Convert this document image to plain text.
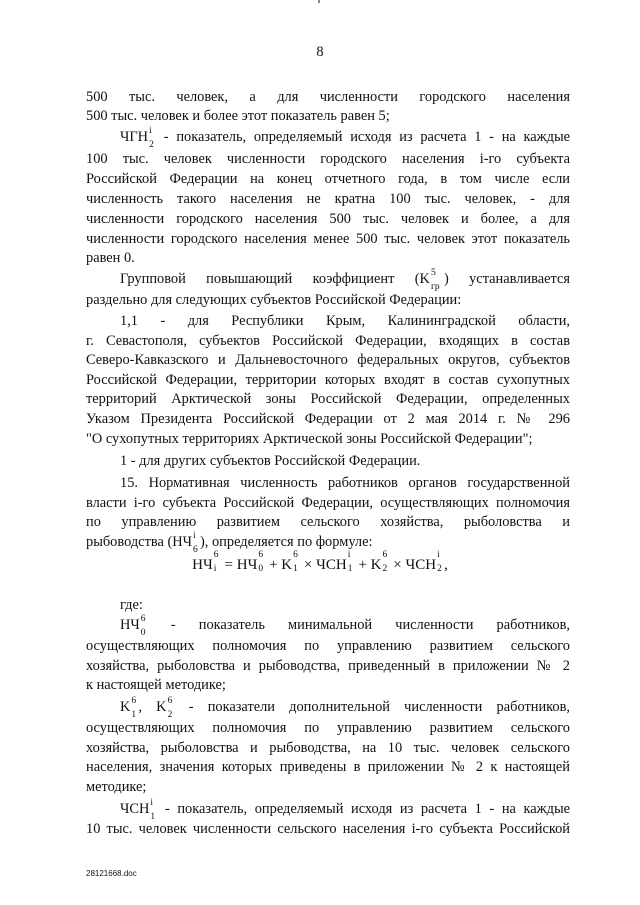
8
500 тыс. человек, а для численности городского населения
500 тыс. человек и более этот показатель равен 5;
ЧГН i
2 - показатель, определяемый исходя из расчета 1 - на каждые
100 тыс. человек численности городского населения i-го субъекта
Российской Федерации на конец отчетного года, в том числе если
численность такого населения не кратна 100 тыс. человек, - для
численности городского населения 500 тыс. человек и более, а для
численности городского населения менее 500 тыс. человек этот показатель
равен 0.
Групповой повышающий коэффициент (K 5
гр ) устанавливается
раздельно для следующих субъектов Российской Федерации:
1,1 - для Республики Крым, Калининградской области,
г. Севастополя, субъектов Российской Федерации, входящих в состав
Северо-Кавказского и Дальневосточного федеральных округов, субъектов
Российской Федерации, территории которых входят в состав сухопутных
территорий Арктической зоны Российской Федерации, определенных
Указом Президента Российской Федерации от 2 мая 2014 г. № 296
"О сухопутных территориях Арктической зоны Российской Федерации";
1 - для других субъектов Российской Федерации.
15. Нормативная численность работников органов государственной
власти i-го субъекта Российской Федерации, осуществляющих полномочия
по управлению развитием сельского хозяйства, рыболовства и
рыбоводства (НЧ i
6 ), определяется по формуле:
НЧ
6
i = НЧ
6
0 + K
6
1 × ЧСН
i
1 + K
6
2 × ЧСН
i
2 ,
где:
НЧ 6
0 - показатель минимальной численности работников,
осуществляющих полномочия по управлению развитием сельского
хозяйства, рыболовства и рыбоводства, приведенный в приложении № 2
к настоящей методике;
K 6
1 , K 6
2 - показатели дополнительной численности работников,
осуществляющих полномочия по управлению развитием сельского
хозяйства, рыболовства и рыбоводства, на 10 тыс. человек сельского
населения, значения которых приведены в приложении № 2 к настоящей
методике;
ЧСН i
1 - показатель, определяемый исходя из расчета 1 - на каждые
10 тыс. человек численности сельского населения i-го субъекта Российской
28121668.doc
